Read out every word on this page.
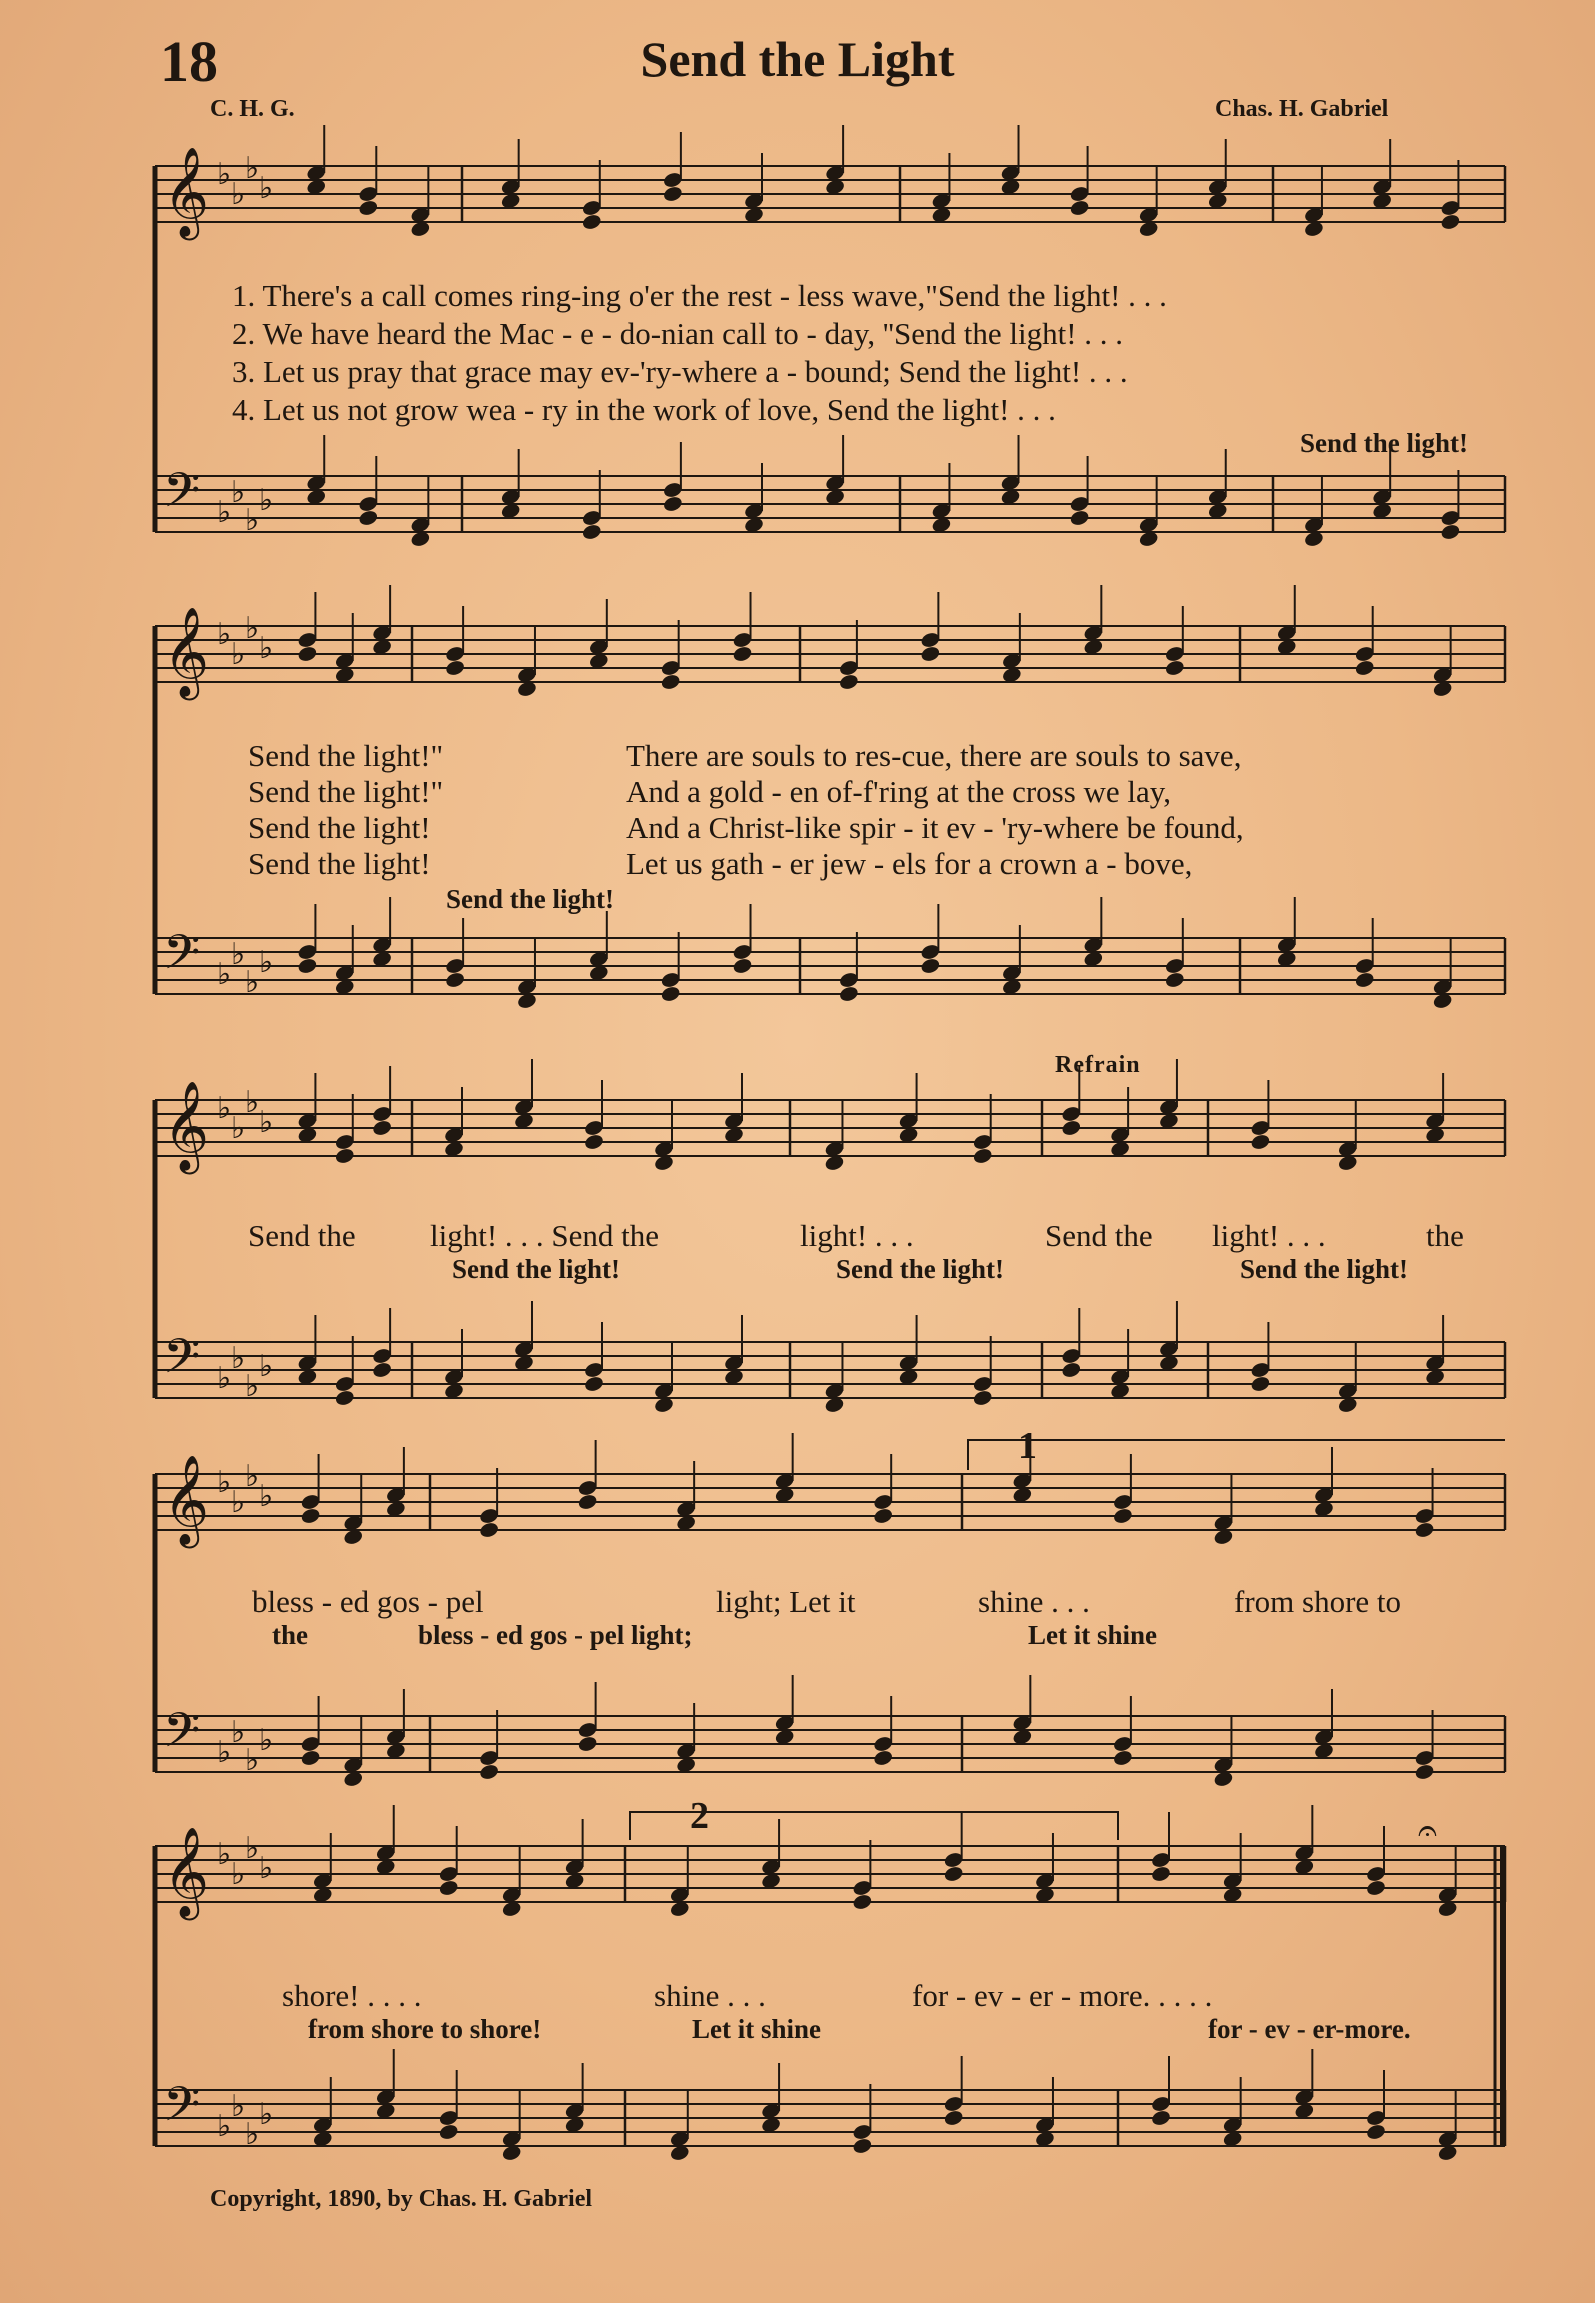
18	Send the Light
C. H. G.	Chas. H. Gabriel
𝄞 ♭
♭
♭
♭
𝄢 ♭
♭
♭
♭
𝄞 ♭
♭
♭
♭
𝄢 ♭
♭
♭
♭
𝄞 ♭
♭
♭
♭
𝄢 ♭
♭
♭
♭
𝄞 ♭
♭
♭
♭
𝄢 ♭
♭
♭
♭
𝄞 ♭
♭
♭
♭
𝄢 ♭
♭
♭
♭
𝄐
1. There's a call comes ring-ing o'er the rest - less wave,"Send the light! . . .
2. We have heard the Mac - e - do-nian call to - day, ''Send the light! . . .
3. Let us pray that grace may ev-'ry-where a - bound; Send the light! . . .
4. Let us not grow wea - ry in the work of love, Send the light! . . .
Send the light!
Send the light!"
Send the light!"
Send the light!
Send the light!
There are souls to res-cue, there are souls to save,
And a gold - en of-f'ring at the cross we lay,
And a Christ-like spir - it ev - 'ry-where be found,
Let us gath - er jew - els for a crown a - bove,
Send the light!
Refrain
Send the light! . . . Send the	light! . . .	Send the light! . . .	the
Send the light!	Send the light!	Send the light!
bless - ed gos - pel	light; Let it	shine . . .	from shore to
the	bless - ed gos - pel light;	Let it shine
1
shore! . . . .	shine . . .	for - ev - er - more. . . . .
from shore to shore!	Let it shine	for - ev - er-more.
2
Copyright, 1890, by Chas. H. Gabriel
